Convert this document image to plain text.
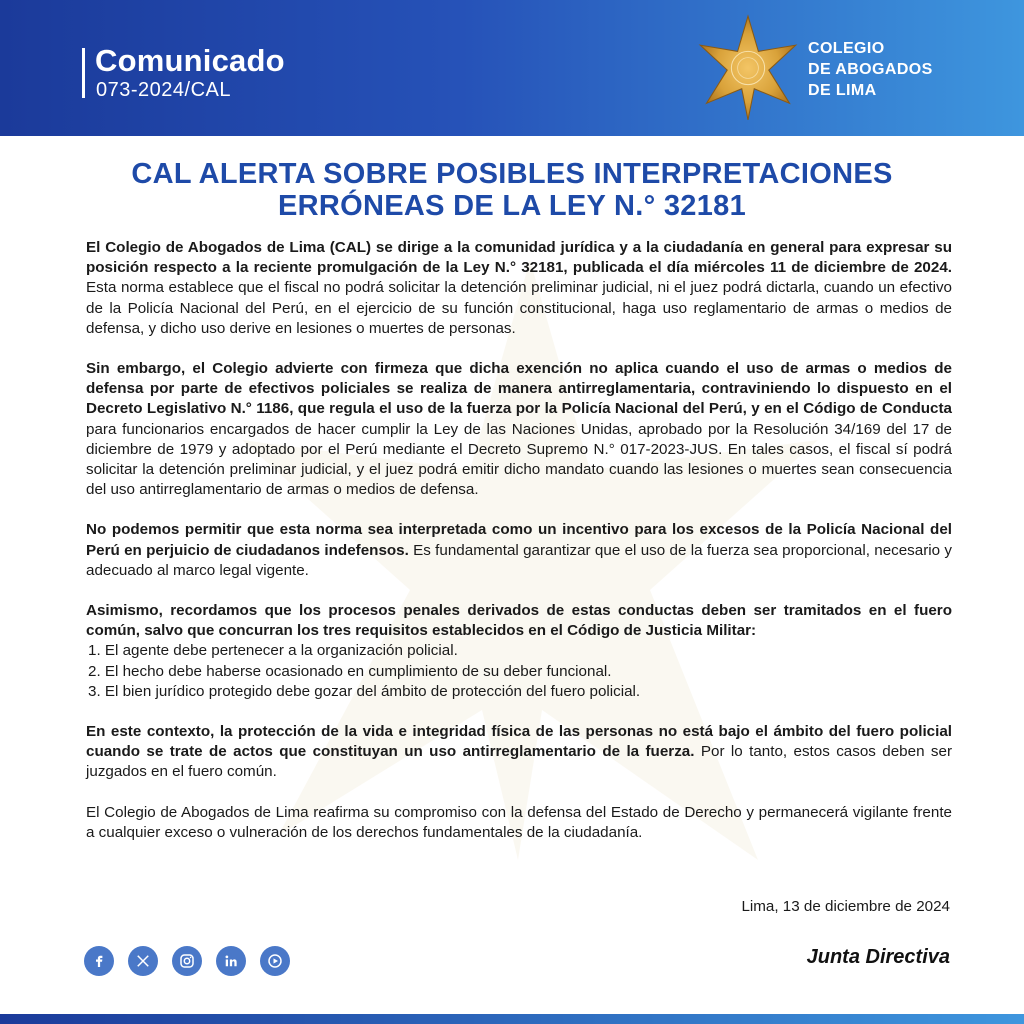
Comunicado
073-2024/CAL
COLEGIO
DE ABOGADOS
DE LIMA
CAL ALERTA SOBRE POSIBLES INTERPRETACIONES
ERRÓNEAS DE LA LEY N.° 32181

El Colegio de Abogados de Lima (CAL) se dirige a la comunidad jurídica y a la ciudadanía en general para expresar su posición respecto a la reciente promulgación de la Ley N.° 32181, publicada el día miércoles 11 de diciembre de 2024. Esta norma establece que el fiscal no podrá solicitar la detención preliminar judicial, ni el juez podrá dictarla, cuando un efectivo de la Policía Nacional del Perú, en el ejercicio de su función constitucional, haga uso reglamentario de armas o medios de defensa, y dicho uso derive en lesiones o muertes de personas.

Sin embargo, el Colegio advierte con firmeza que dicha exención no aplica cuando el uso de armas o medios de defensa por parte de efectivos policiales se realiza de manera antirreglamentaria, contraviniendo lo dispuesto en el Decreto Legislativo N.° 1186, que regula el uso de la fuerza por la Policía Nacional del Perú, y en el Código de Conducta para funcionarios encargados de hacer cumplir la Ley de las Naciones Unidas, aprobado por la Resolución 34/169 del 17 de diciembre de 1979 y adoptado por el Perú mediante el Decreto Supremo N.° 017-2023-JUS. En tales casos, el fiscal sí podrá solicitar la detención preliminar judicial, y el juez podrá emitir dicho mandato cuando las lesiones o muertes sean consecuencia del uso antirreglamentario de armas o medios de defensa.

No podemos permitir que esta norma sea interpretada como un incentivo para los excesos de la Policía Nacional del Perú en perjuicio de ciudadanos indefensos. Es fundamental garantizar que el uso de la fuerza sea proporcional, necesario y adecuado al marco legal vigente.

Asimismo, recordamos que los procesos penales derivados de estas conductas deben ser tramitados en el fuero común, salvo que concurran los tres requisitos establecidos en el Código de Justicia Militar:

1. El agente debe pertenecer a la organización policial.
2. El hecho debe haberse ocasionado en cumplimiento de su deber funcional.
3. El bien jurídico protegido debe gozar del ámbito de protección del fuero policial.

En este contexto, la protección de la vida e integridad física de las personas no está bajo el ámbito del fuero policial cuando se trate de actos que constituyan un uso antirreglamentario de la fuerza. Por lo tanto, estos casos deben ser juzgados en el fuero común.

El Colegio de Abogados de Lima reafirma su compromiso con la defensa del Estado de Derecho y permanecerá vigilante frente a cualquier exceso o vulneración de los derechos fundamentales de la ciudadanía.

Lima, 13 de diciembre de 2024
Junta Directiva
